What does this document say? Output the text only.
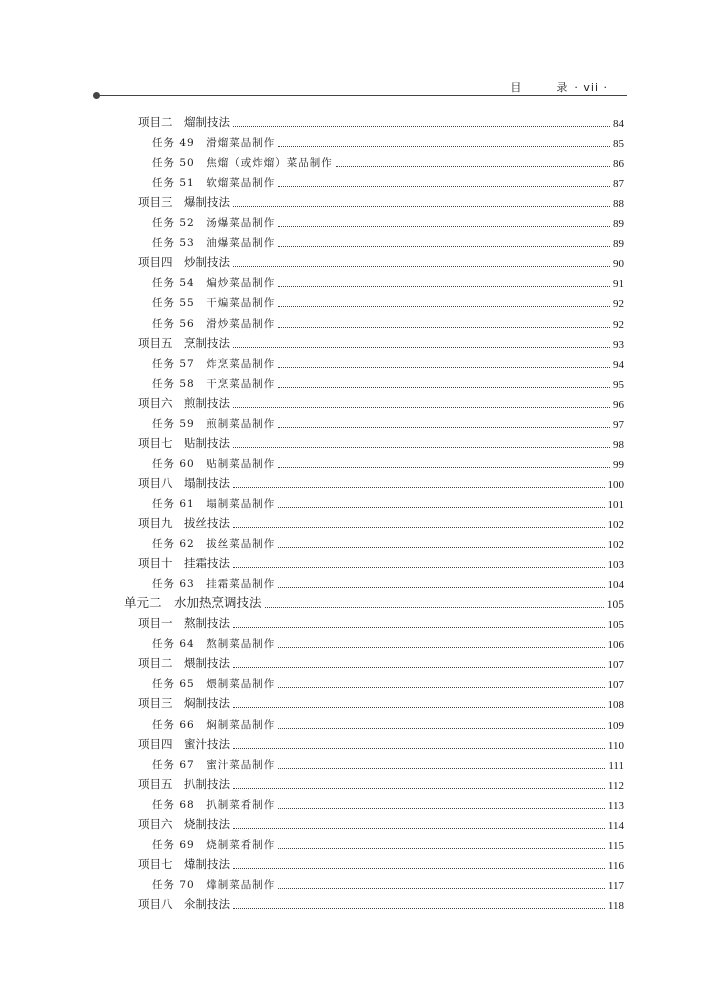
目	录 · vii ·
项目二　熘制技法	84
任务 49　滑熘菜品制作	85
任务 50　焦熘（或炸熘）菜品制作	86
任务 51　软熘菜品制作	87
项目三　爆制技法	88
任务 52　汤爆菜品制作	89
任务 53　油爆菜品制作	89
项目四　炒制技法	90
任务 54　煸炒菜品制作	91
任务 55　干煸菜品制作	92
任务 56　滑炒菜品制作	92
项目五　烹制技法	93
任务 57　炸烹菜品制作	94
任务 58　干烹菜品制作	95
项目六　煎制技法	96
任务 59　煎制菜品制作	97
项目七　贴制技法	98
任务 60　贴制菜品制作	99
项目八　塌制技法	100
任务 61　塌制菜品制作	101
项目九　拔丝技法	102
任务 62　拔丝菜品制作	102
项目十　挂霜技法	103
任务 63　挂霜菜品制作	104
单元二　水加热烹调技法	105
项目一　熬制技法	105
任务 64　熬制菜品制作	106
项目二　煨制技法	107
任务 65　煨制菜品制作	107
项目三　焖制技法	108
任务 66　焖制菜品制作	109
项目四　蜜汁技法	110
任务 67　蜜汁菜品制作	111
项目五　扒制技法	112
任务 68　扒制菜肴制作	113
项目六　烧制技法	114
任务 69　烧制菜肴制作	115
项目七　㸆制技法	116
任务 70　㸆制菜品制作	117
项目八　氽制技法	118
